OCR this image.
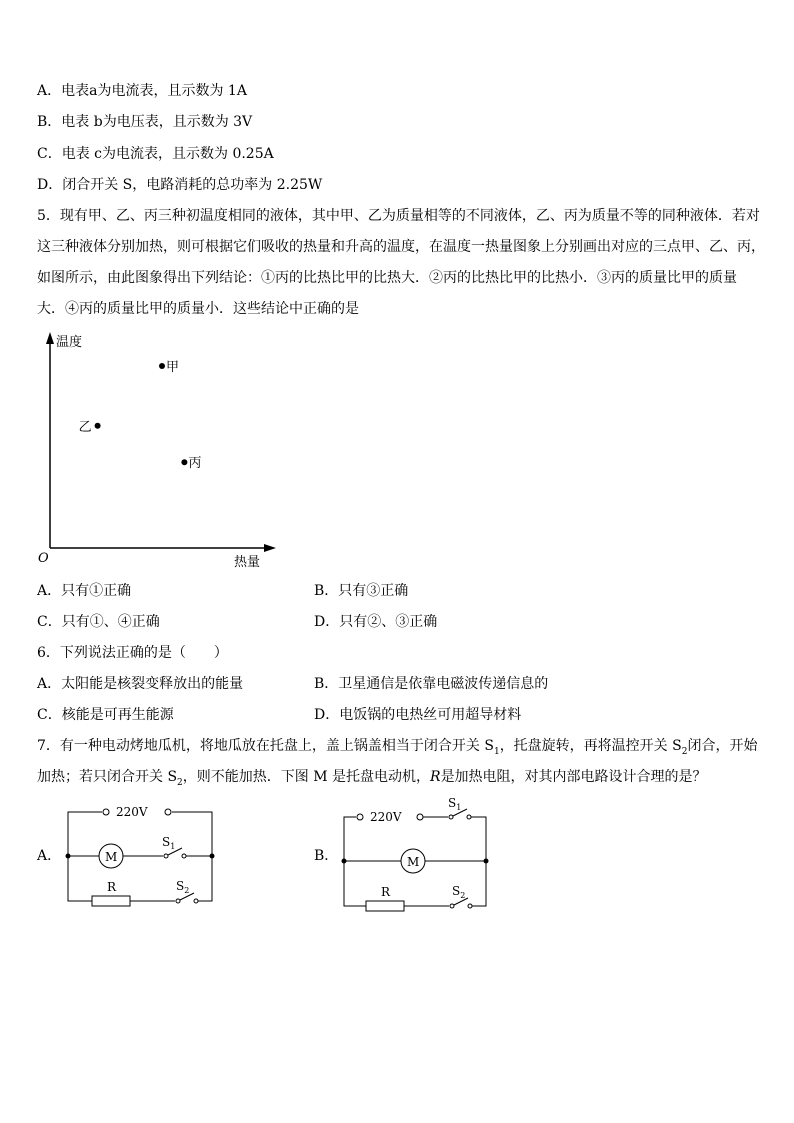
A．电表a为电流表，且示数为 1A
B．电表 b为电压表，且示数为 3V
C．电表 c为电流表，且示数为 0.25A
D．闭合开关 S，电路消耗的总功率为 2.25W
5．现有甲、乙、丙三种初温度相同的液体，其中甲、乙为质量相等的不同液体，乙、丙为质量不等的同种液体．若对
这三种液体分别加热，则可根据它们吸收的热量和升高的温度，在温度一热量图象上分别画出对应的三点甲、乙、丙，
如图所示，由此图象得出下列结论：①丙的比热比甲的比热大．②丙的比热比甲的比热小．③丙的质量比甲的质量
大．④丙的质量比甲的质量小．这些结论中正确的是
温度
热量
O
甲
乙
丙
A．只有①正确	B．只有③正确
C．只有①、④正确	D．只有②、③正确
6．下列说法正确的是（　　）
A．太阳能是核裂变释放出的能量	B．卫星通信是依靠电磁波传递信息的
C．核能是可再生能源	D．电饭锅的电热丝可用超导材料
7．有一种电动烤地瓜机，将地瓜放在托盘上，盖上锅盖相当于闭合开关 $S_1$，托盘旋转，再将温控开关 $S_2$闭合，开始
加热；若只闭合开关 $S_2$，则不能加热．下图 M 是托盘电动机，R是加热电阻，对其内部电路设计合理的是？
A．
220V
M
$S_1$
R	$S_2$
B．
220V
$S_1$
M
R	$S_2$
